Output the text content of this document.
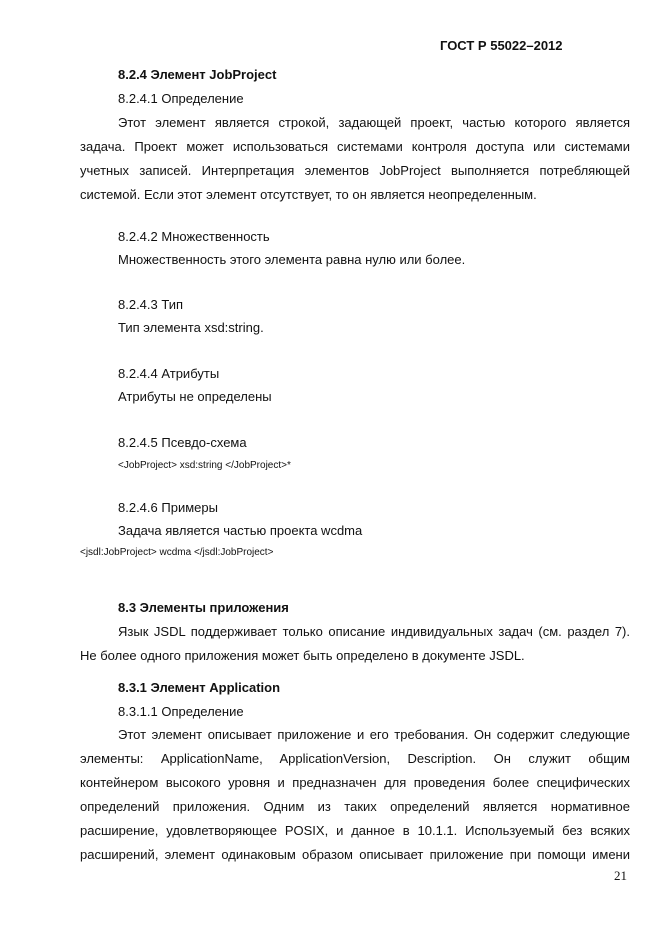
ГОСТ Р 55022–2012
8.2.4 Элемент JobProject
8.2.4.1 Определение
Этот элемент является строкой, задающей проект, частью которого является
задача. Проект может использоваться системами контроля доступа или системами
учетных записей. Интерпретация элементов JobProject выполняется потребляющей
системой. Если этот элемент отсутствует, то он является неопределенным.
8.2.4.2 Множественность
Множественность этого элемента равна нулю или более.
8.2.4.3 Тип
Тип элемента xsd:string.
8.2.4.4 Атрибуты
Атрибуты не определены
8.2.4.5 Псевдо-схема
<JobProject> xsd:string </JobProject>*
8.2.4.6 Примеры
Задача является частью проекта wcdma
<jsdl:JobProject> wcdma </jsdl:JobProject>
8.3 Элементы приложения
Язык JSDL поддерживает только описание индивидуальных задач (см. раздел 7).
Не более одного приложения может быть определено в документе JSDL.
8.3.1 Элемент Application
8.3.1.1 Определение
Этот элемент описывает приложение и его требования. Он содержит следующие
элементы: ApplicationName, ApplicationVersion, Description. Он служит общим
контейнером высокого уровня и предназначен для проведения более специфических
определений приложения. Одним из таких определений является нормативное
расширение, удовлетворяющее POSIX, и данное в 10.1.1. Используемый без всяких
расширений, элемент одинаковым образом описывает приложение при помощи имени
21
